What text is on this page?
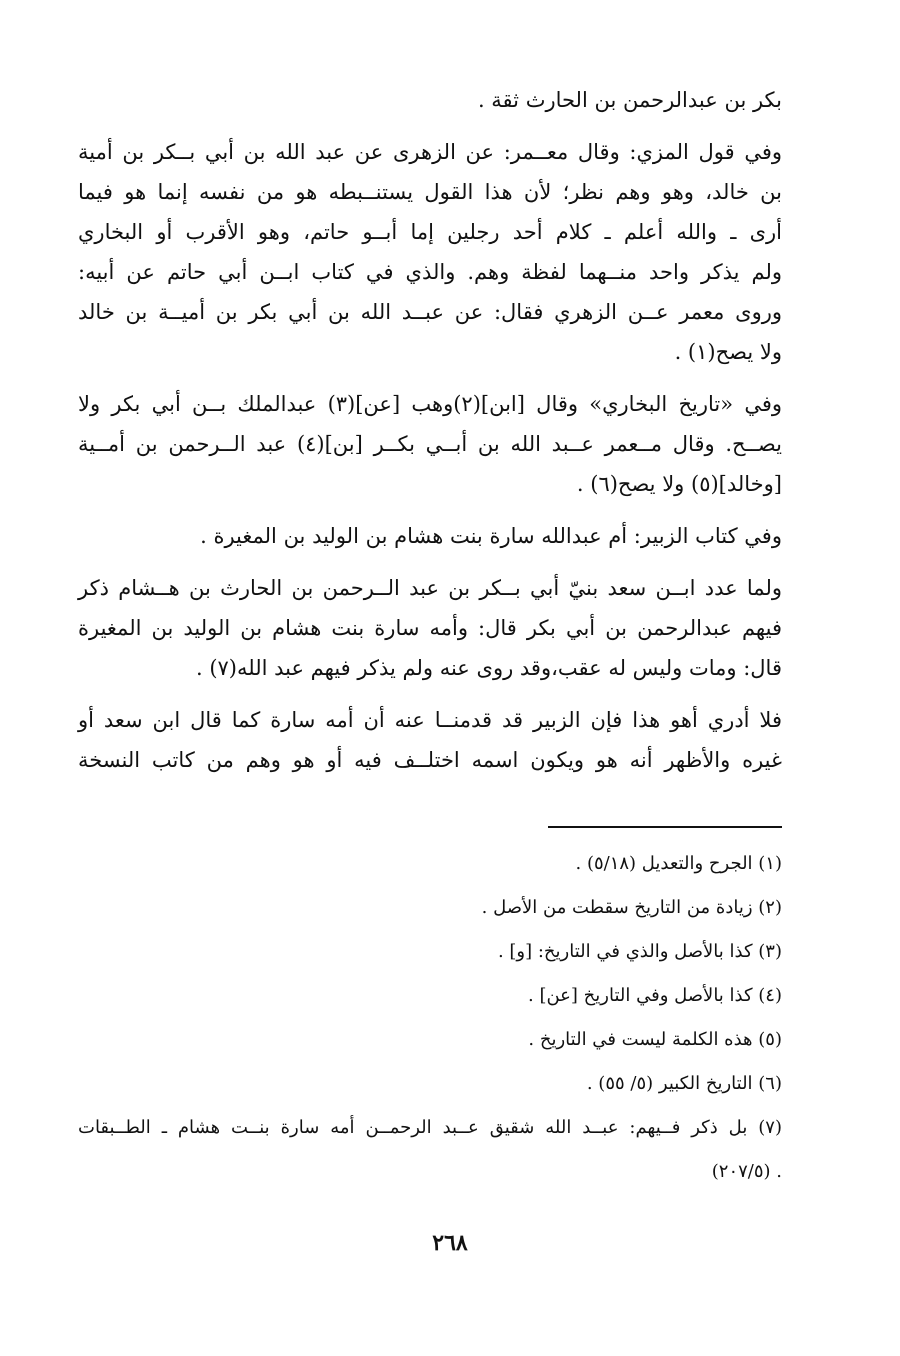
بكر بن عبدالرحمن بن الحارث ثقة .

وفي قول المزي: وقال معــمر: عن الزهرى عن عبد الله بن أبي بــكر بن أمية
بن خالد، وهو وهم نظر؛ لأن هذا القول يستنــبطه هو من نفسه إنما هو فيما
أرى ـ والله أعلم ـ كلام أحد رجلين إما أبــو حاتم، وهو الأقرب أو البخاري
ولم يذكر واحد منــهما لفظة وهم. والذي في كتاب ابــن أبي حاتم عن أبيه:
وروى معمر عــن الزهري فقال: عن عبــد الله بن أبي بكر بن أميــة بن خالد
ولا يصح(١) .

وفي «تاريخ البخاري» وقال [ابن](٢)وهب [عن](٣) عبدالملك بــن أبي بكر ولا
يصــح. وقال مــعمر عــبد الله بن أبــي بكــر [بن](٤) عبد الــرحمن بن أمــية
[وخالد](٥) ولا يصح(٦) .

وفي كتاب الزبير: أم عبدالله سارة بنت هشام بن الوليد بن المغيرة .

ولما عدد ابــن سعد بنيّ أبي بــكر بن عبد الــرحمن بن الحارث بن هــشام ذكر
فيهم عبدالرحمن بن أبي بكر قال: وأمه سارة بنت هشام بن الوليد بن المغيرة
قال: ومات وليس له عقب،وقد روى عنه ولم يذكر فيهم عبد الله(٧) .

فلا أدري أهو هذا فإن الزبير قد قدمنــا عنه أن أمه سارة كما قال ابن سعد أو
غيره والأظهر أنه هو ويكون اسمه اختلــف فيه أو هو وهم من كاتب النسخة

(١) الجرح والتعديل (٥/١٨) .

(٢) زيادة من التاريخ سقطت من الأصل .

(٣) كذا بالأصل والذي في التاريخ: [و] .

(٤) كذا بالأصل وفي التاريخ [عن] .

(٥) هذه الكلمة ليست في التاريخ .

(٦) التاريخ الكبير (٥/ ٥٥) .

(٧) بل ذكر فــيهم: عبــد الله شقيق عــبد الرحمــن أمه سارة بنــت هشام ـ الطــبقات
. (٢٠٧/٥)

٢٦٨
